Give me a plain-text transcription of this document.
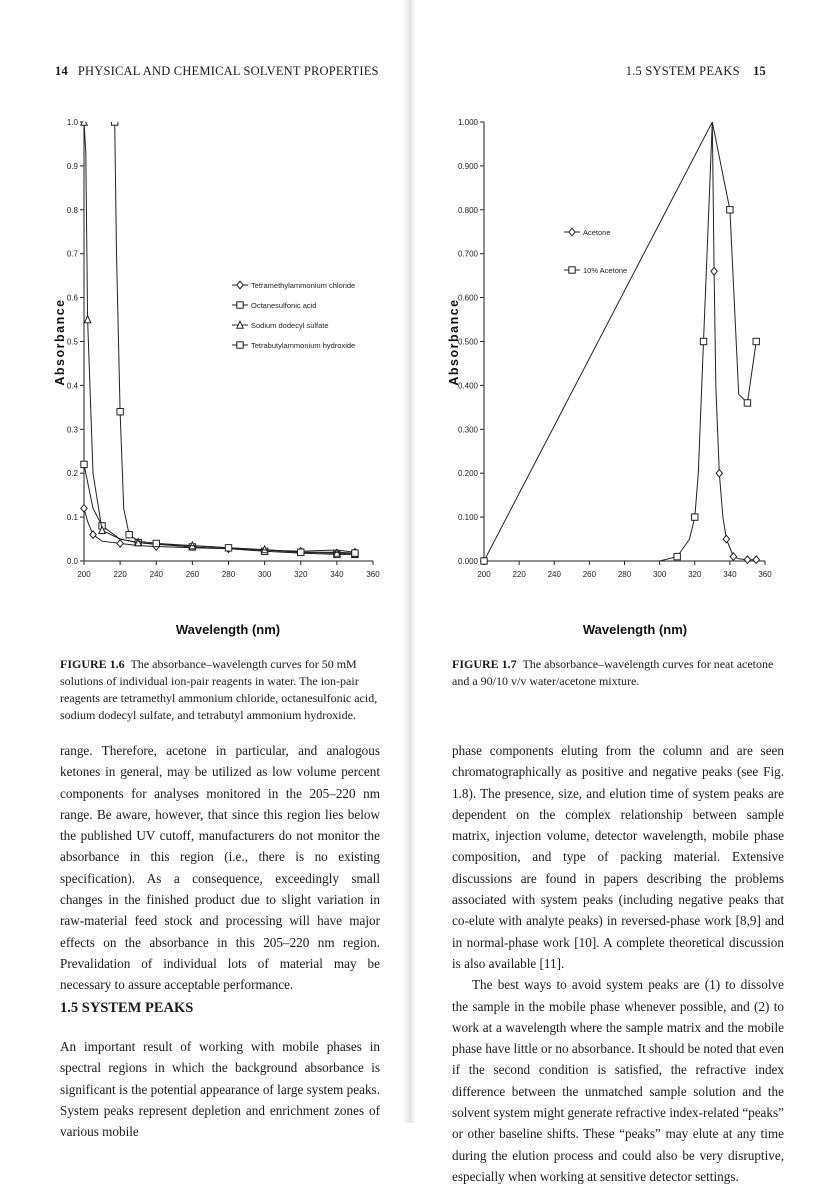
14 PHYSICAL AND CHEMICAL SOLVENT PROPERTIES
0.0
0.1
0.2
0.3
0.4
0.5
0.6
0.7
0.8
0.9
1.0
200	220	240	260	280	300	320	340	360
Wavelength (nm)
Absorbance
Tetramethylammonium chloride
Octanesulfonic acid
Sodium dodecyl sulfate
Tetrabutylammonium hydroxide
FIGURE 1.6 The absorbance–wavelength curves for 50 mM solutions of individual ion-pair reagents in water. The ion-pair reagents are tetramethyl ammonium chloride, octanesulfonic acid, sodium dodecyl sulfate, and tetrabutyl ammonium hydroxide.

range. Therefore, acetone in particular, and analogous ketones in general, may be utilized as low volume percent components for analyses monitored in the 205–220 nm range. Be aware, however, that since this region lies below the published UV cutoff, manufacturers do not monitor the absorbance in this region (i.e., there is no existing specification). As a consequence, exceedingly small changes in the finished product due to slight variation in raw-material feed stock and processing will have major effects on the absorbance in this 205–220 nm region. Prevalidation of individual lots of material may be necessary to assure acceptable performance.

1.5 SYSTEM PEAKS

An important result of working with mobile phases in spectral regions in which the background absorbance is significant is the potential appearance of large system peaks. System peaks represent depletion and enrichment zones of various mobile

1.5 SYSTEM PEAKS 15
0.000
0.100
0.200
0.300
0.400
0.500
0.600
0.700
0.800
0.900
1.000
200	220	240	260	280	300	320	340	360
Wavelength (nm)
Absorbance
Acetone
10% Acetone
FIGURE 1.7 The absorbance–wavelength curves for neat acetone and a 90/10 v/v water/acetone mixture.

phase components eluting from the column and are seen chromatographically as positive and negative peaks (see Fig. 1.8). The presence, size, and elution time of system peaks are dependent on the complex relationship between sample matrix, injection volume, detector wavelength, mobile phase composition, and type of packing material. Extensive discussions are found in papers describing the problems associated with system peaks (including negative peaks that co-elute with analyte peaks) in reversed-phase work [8,9] and in normal-phase work [10]. A complete theoretical discussion is also available [11].

The best ways to avoid system peaks are (1) to dissolve the sample in the mobile phase whenever possible, and (2) to work at a wavelength where the sample matrix and the mobile phase have little or no absorbance. It should be noted that even if the second condition is satisfied, the refractive index difference between the unmatched sample solution and the solvent system might generate refractive index-related “peaks” or other baseline shifts. These “peaks” may elute at any time during the elution process and could also be very disruptive, especially when working at sensitive detector settings.
